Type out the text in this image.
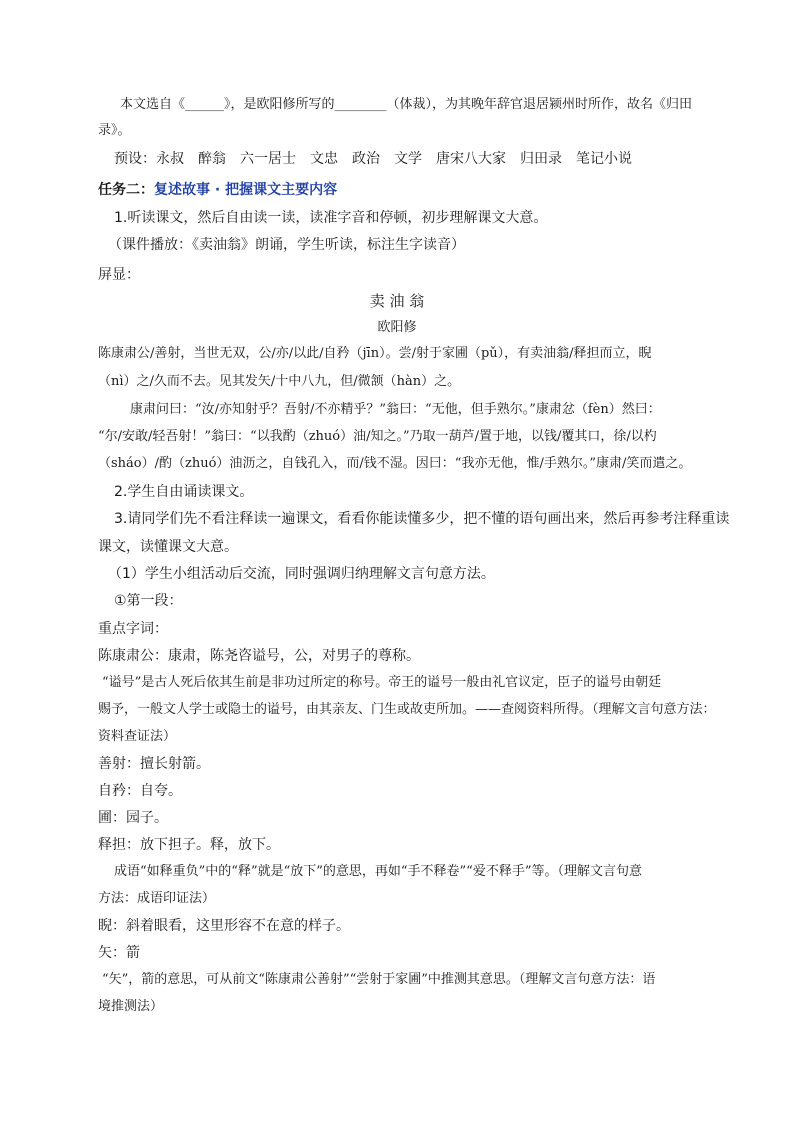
本文选自《______》，是欧阳修所写的________（体裁），为其晚年辞官退居颍州时所作，故名《归田
录》。
预设：永叔　醉翁　六一居士　文忠　政治　文学　唐宋八大家　归田录　笔记小说
任务二：复述故事 · 把握课文主要内容
1.听读课文，然后自由读一读，读准字音和停顿，初步理解课文大意。
（课件播放：《卖油翁》朗诵，学生听读，标注生字读音）
屏显：
卖 油 翁
欧阳修
陈康肃公/善射，当世无双，公/亦/以此/自矜（jīn）。尝/射于家圃（pǔ），有卖油翁/释担而立，睨
（nì）之/久而不去。见其发矢/十中八九，但/微颔（hàn）之。
康肃问曰：“汝/亦知射乎？吾射/不亦精乎？”翁曰：“无他，但手熟尔。”康肃忿（fèn）然曰：
“尔/安敢/轻吾射！”翁曰：“以我酌（zhuó）油/知之。”乃取一葫芦/置于地，以钱/覆其口，徐/以杓
（sháo）/酌（zhuó）油沥之，自钱孔入，而/钱不湿。因曰：“我亦无他，惟/手熟尔。”康肃/笑而遣之。
2.学生自由诵读课文。
3.请同学们先不看注释读一遍课文，看看你能读懂多少，把不懂的语句画出来，然后再参考注释重读
课文，读懂课文大意。
（1）学生小组活动后交流，同时强调归纳理解文言句意方法。
①第一段：
重点字词：
陈康肃公：康肃，陈尧咨谥号，公，对男子的尊称。
“谥号”是古人死后依其生前是非功过所定的称号。帝王的谥号一般由礼官议定，臣子的谥号由朝廷
赐予，一般文人学士或隐士的谥号，由其亲友、门生或故吏所加。——查阅资料所得。（理解文言句意方法：
资料查证法）
善射：擅长射箭。
自矜：自夸。
圃：园子。
释担：放下担子。释，放下。
成语“如释重负”中的“释”就是“放下”的意思，再如“手不释卷”“爱不释手”等。（理解文言句意
方法：成语印证法）
睨：斜着眼看，这里形容不在意的样子。
矢：箭
“矢”，箭的意思，可从前文“陈康肃公善射”“尝射于家圃”中推测其意思。（理解文言句意方法：语
境推测法）
